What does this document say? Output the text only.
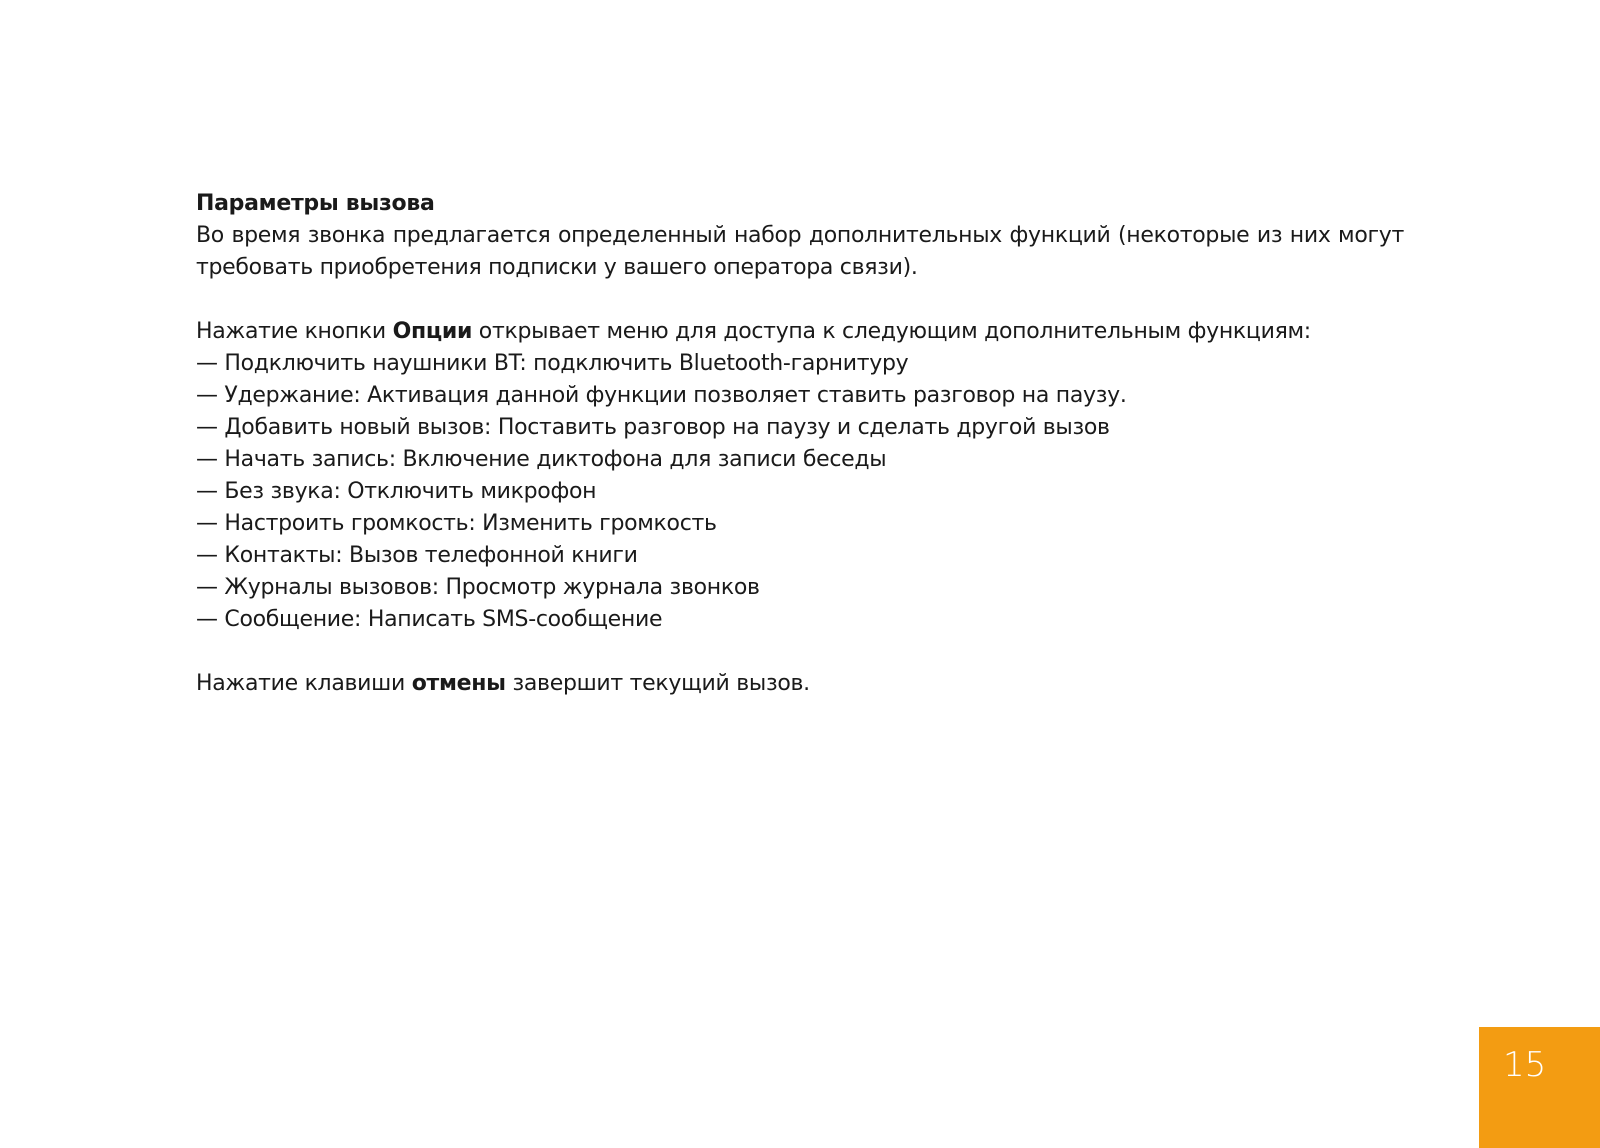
Параметры вызова

Во время звонка предлагается определенный набор дополнительных функций (некоторые из них могут требовать приобретения подписки у вашего оператора связи).

Нажатие кнопки Опции открывает меню для доступа к следующим дополнительным функциям:

— Подключить наушники BT: подключить Bluetooth-гарнитуру

— Удержание: Активация данной функции позволяет ставить разговор на паузу.

— Добавить новый вызов: Поставить разговор на паузу и сделать другой вызов

— Начать запись: Включение диктофона для записи беседы

— Без звука: Отключить микрофон

— Настроить громкость: Изменить громкость

— Контакты: Вызов телефонной книги

— Журналы вызовов: Просмотр журнала звонков

— Сообщение: Написать SMS-сообщение

Нажатие клавиши отмены завершит текущий вызов.

15
